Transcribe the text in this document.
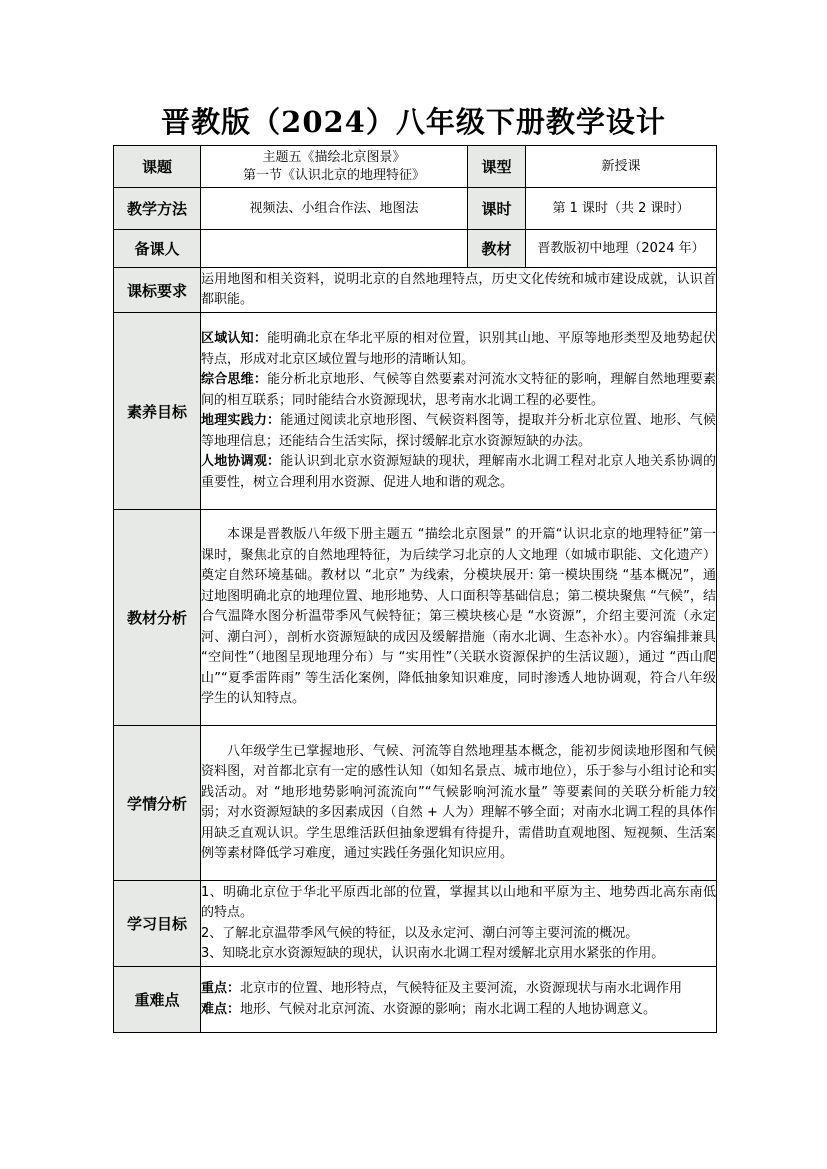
晋教版（2024）八年级下册教学设计
课题	主题五《描绘北京图景》
第一节《认识北京的地理特征》	课型	新授课
教学方法	视频法、小组合作法、地图法	课时	第 1 课时（共 2 课时）
备课人		教材	晋教版初中地理（2024 年）
课标要求	运用地图和相关资料，说明北京的自然地理特点，历史文化传统和城市建设成就，认识首都职能。		
素养目标	区域认知：能明确北京在华北平原的相对位置，识别其山地、平原等地形类型及地势起伏特点，形成对北京区域位置与地形的清晰认知。

综合思维：能分析北京地形、气候等自然要素对河流水文特征的影响，理解自然地理要素间的相互联系；同时能结合水资源现状，思考南水北调工程的必要性。

地理实践力：能通过阅读北京地形图、气候资料图等，提取并分析北京位置、地形、气候等地理信息；还能结合生活实际，探讨缓解北京水资源短缺的办法。

人地协调观：能认识到北京水资源短缺的现状，理解南水北调工程对北京人地关系协调的重要性，树立合理利用水资源、促进人地和谐的观念。		

教材分析	本课是晋教版八年级下册主题五 “描绘北京图景” 的开篇“认识北京的地理特征”第一课时，聚焦北京的自然地理特征，为后续学习北京的人文地理（如城市职能、文化遗产）奠定自然环境基础。教材以 “北京” 为线索，分模块展开: 第一模块围绕 “基本概况”，通过地图明确北京的地理位置、地形地势、人口面积等基础信息；第二模块聚焦 “气候”，结合气温降水图分析温带季风气候特征；第三模块核心是 “水资源”，介绍主要河流（永定河、潮白河），剖析水资源短缺的成因及缓解措施（南水北调、生态补水）。内容编排兼具 “空间性”（地图呈现地理分布）与 “实用性”（关联水资源保护的生活议题），通过 “西山爬山”“夏季雷阵雨” 等生活化案例，降低抽象知识难度，同时渗透人地协调观，符合八年级学生的认知特点。		

学情分析	八年级学生已掌握地形、气候、河流等自然地理基本概念，能初步阅读地形图和气候资料图，对首都北京有一定的感性认知（如知名景点、城市地位），乐于参与小组讨论和实践活动。对 “地形地势影响河流流向”“气候影响河流水量” 等要素间的关联分析能力较弱；对水资源短缺的多因素成因（自然 + 人为）理解不够全面；对南水北调工程的具体作用缺乏直观认识。学生思维活跃但抽象逻辑有待提升，需借助直观地图、短视频、生活案例等素材降低学习难度，通过实践任务强化知识应用。		

学习目标	1、明确北京位于华北平原西北部的位置，掌握其以山地和平原为主、地势西北高东南低的特点。

2、了解北京温带季风气候的特征，以及永定河、潮白河等主要河流的概况。

3、知晓北京水资源短缺的现状，认识南水北调工程对缓解北京用水紧张的作用。		

重难点	重点：北京市的位置、地形特点，气候特征及主要河流，水资源现状与南水北调作用

难点：地形、气候对北京河流、水资源的影响；南水北调工程的人地协调意义。		
